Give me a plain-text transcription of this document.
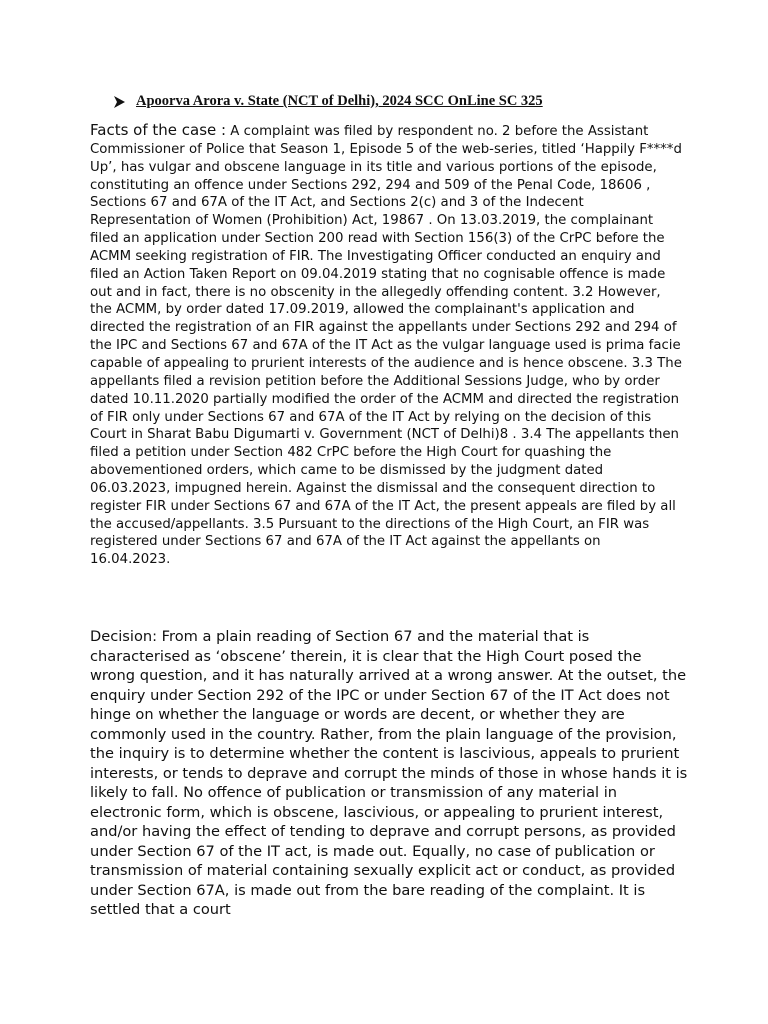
Apoorva Arora v. State (NCT of Delhi), 2024 SCC OnLine SC 325

Facts of the case : A complaint was filed by respondent no. 2 before the Assistant Commissioner of Police that Season 1, Episode 5 of the web-series, titled ‘Happily F****d Up’, has vulgar and obscene language in its title and various portions of the episode, constituting an offence under Sections 292, 294 and 509 of the Penal Code, 18606 , Sections 67 and 67A of the IT Act, and Sections 2(c) and 3 of the Indecent Representation of Women (Prohibition) Act, 19867 . On 13.03.2019, the complainant filed an application under Section 200 read with Section 156(3) of the CrPC before the ACMM seeking registration of FIR. The Investigating Officer conducted an enquiry and filed an Action Taken Report on 09.04.2019 stating that no cognisable offence is made out and in fact, there is no obscenity in the allegedly offending content. 3.2 However, the ACMM, by order dated 17.09.2019, allowed the complainant's application and directed the registration of an FIR against the appellants under Sections 292 and 294 of the IPC and Sections 67 and 67A of the IT Act as the vulgar language used is prima facie capable of appealing to prurient interests of the audience and is hence obscene. 3.3 The appellants filed a revision petition before the Additional Sessions Judge, who by order dated 10.11.2020 partially modified the order of the ACMM and directed the registration of FIR only under Sections 67 and 67A of the IT Act by relying on the decision of this Court in Sharat Babu Digumarti v. Government (NCT of Delhi)8 . 3.4 The appellants then filed a petition under Section 482 CrPC before the High Court for quashing the abovementioned orders, which came to be dismissed by the judgment dated 06.03.2023, impugned herein. Against the dismissal and the consequent direction to register FIR under Sections 67 and 67A of the IT Act, the present appeals are filed by all the accused/appellants. 3.5 Pursuant to the directions of the High Court, an FIR was registered under Sections 67 and 67A of the IT Act against the appellants on 16.04.2023.

Decision: From a plain reading of Section 67 and the material that is characterised as ‘obscene’ therein, it is clear that the High Court posed the wrong question, and it has naturally arrived at a wrong answer. At the outset, the enquiry under Section 292 of the IPC or under Section 67 of the IT Act does not hinge on whether the language or words are decent, or whether they are commonly used in the country. Rather, from the plain language of the provision, the inquiry is to determine whether the content is lascivious, appeals to prurient interests, or tends to deprave and corrupt the minds of those in whose hands it is likely to fall. No offence of publication or transmission of any material in electronic form, which is obscene, lascivious, or appealing to prurient interest, and/or having the effect of tending to deprave and corrupt persons, as provided under Section 67 of the IT act, is made out. Equally, no case of publication or transmission of material containing sexually explicit act or conduct, as provided under Section 67A, is made out from the bare reading of the complaint. It is settled that a court
